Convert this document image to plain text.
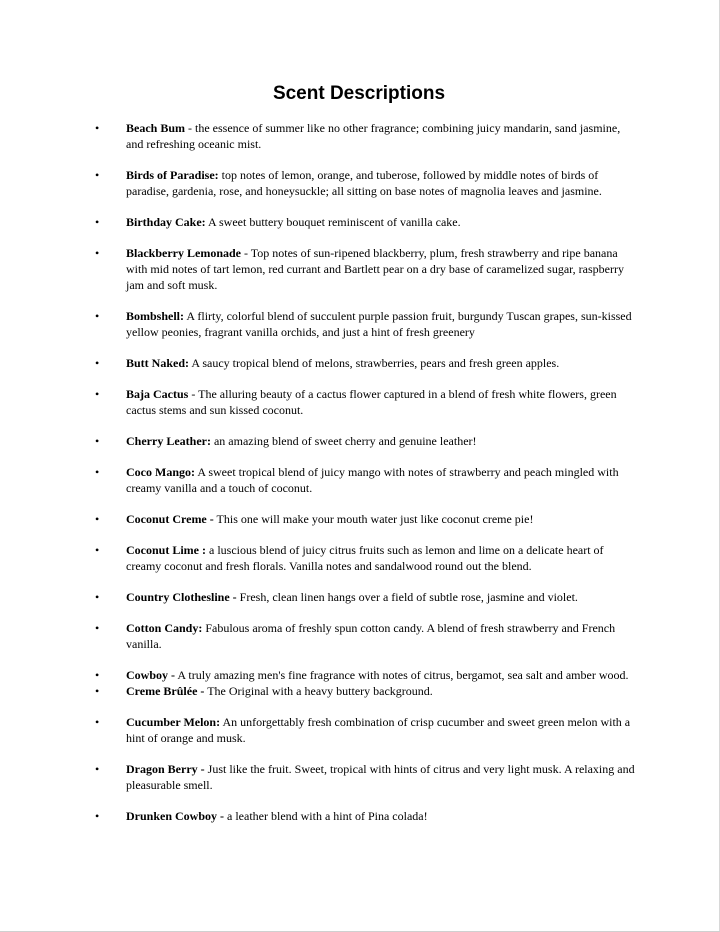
Scent Descriptions
• Beach Bum - the essence of summer like no other fragrance; combining juicy mandarin, sand jasmine, and refreshing oceanic mist.
• Birds of Paradise: top notes of lemon, orange, and tuberose, followed by middle notes of birds of paradise, gardenia, rose, and honeysuckle; all sitting on base notes of magnolia leaves and jasmine.
• Birthday Cake: A sweet buttery bouquet reminiscent of vanilla cake.
• Blackberry Lemonade - Top notes of sun-ripened blackberry, plum, fresh strawberry and ripe banana with mid notes of tart lemon, red currant and Bartlett pear on a dry base of caramelized sugar, raspberry jam and soft musk.
• Bombshell: A flirty, colorful blend of succulent purple passion fruit, burgundy Tuscan grapes, sun-kissed yellow peonies, fragrant vanilla orchids, and just a hint of fresh greenery
• Butt Naked: A saucy tropical blend of melons, strawberries, pears and fresh green apples.
• Baja Cactus - The alluring beauty of a cactus flower captured in a blend of fresh white flowers, green cactus stems and sun kissed coconut.
• Cherry Leather: an amazing blend of sweet cherry and genuine leather!
• Coco Mango: A sweet tropical blend of juicy mango with notes of strawberry and peach mingled with creamy vanilla and a touch of coconut.
• Coconut Creme - This one will make your mouth water just like coconut creme pie!
• Coconut Lime : a luscious blend of juicy citrus fruits such as lemon and lime on a delicate heart of creamy coconut and fresh florals. Vanilla notes and sandalwood round out the blend.
• Country Clothesline - Fresh, clean linen hangs over a field of subtle rose, jasmine and violet.
• Cotton Candy: Fabulous aroma of freshly spun cotton candy. A blend of fresh strawberry and French vanilla.
• Cowboy - A truly amazing men's fine fragrance with notes of citrus, bergamot, sea salt and amber wood.
• Creme Brûlée - The Original with a heavy buttery background.
• Cucumber Melon: An unforgettably fresh combination of crisp cucumber and sweet green melon with a hint of orange and musk.
• Dragon Berry - Just like the fruit. Sweet, tropical with hints of citrus and very light musk. A relaxing and pleasurable smell.
• Drunken Cowboy - a leather blend with a hint of Pina colada!
